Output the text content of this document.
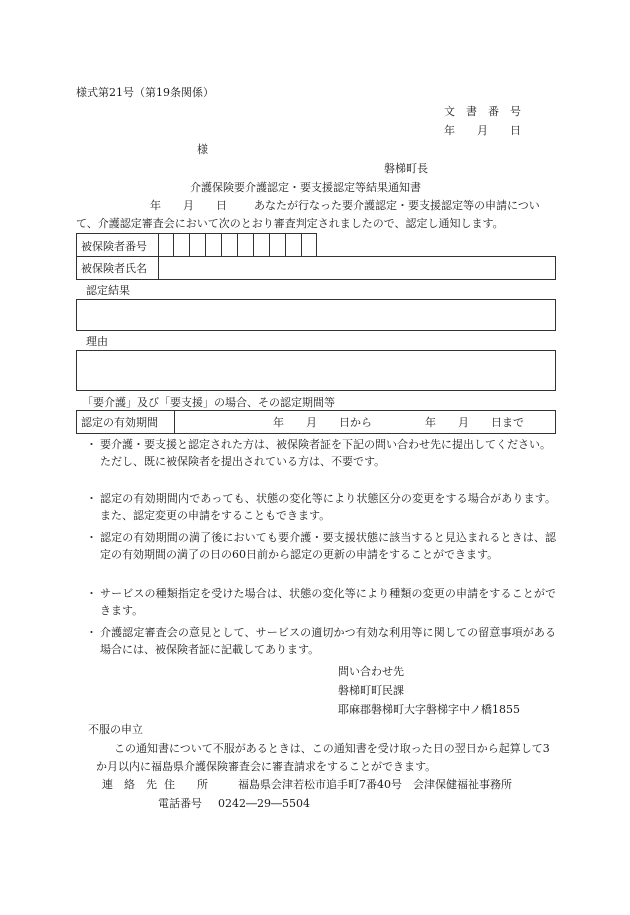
様式第21号（第19条関係）
文　書　番　号
年　　月　　日
様
磐梯町長
介護保険要介護認定・要支援認定等結果通知書
年　　月　　日 あなたが行なった要介護認定・要支援認定等の申請につい
て、介護認定審査会において次のとおり審査判定されましたので、認定し通知します。
被保険者番号
被保険者氏名
認定結果
理由
「要介護」及び「要支援」の場合、その認定期間等
認定の有効期間	年　　月　　日から	年　　月　　日まで
・ 要介護・要支援と認定された方は、被保険者証を下記の問い合わせ先に提出してください。
ただし、既に被保険者を提出されている方は、不要です。
・ 認定の有効期間内であっても、状態の変化等により状態区分の変更をする場合があります。また、認定変更の申請をすることもできます。
・ 認定の有効期間の満了後においても要介護・要支援状態に該当すると見込まれるときは、認定の有効期間の満了の日の60日前から認定の更新の申請をすることができます。
・ サービスの種類指定を受けた場合は、状態の変化等により種類の変更の申請をすることができます。
・ 介護認定審査会の意見として、サービスの適切かつ有効な利用等に関しての留意事項がある場合には、被保険者証に記載してあります。
問い合わせ先
磐梯町町民課
耶麻郡磐梯町大字磐梯字中ノ橋1855
不服の申立
この通知書について不服があるときは、この通知書を受け取った日の翌日から起算して3か月以内に福島県介護保険審査会に審査請求をすることができます。
連　絡　先 住　　所	福島県会津若松市追手町7番40号　会津保健福祉事務所
電話番号 0242―29―5504
